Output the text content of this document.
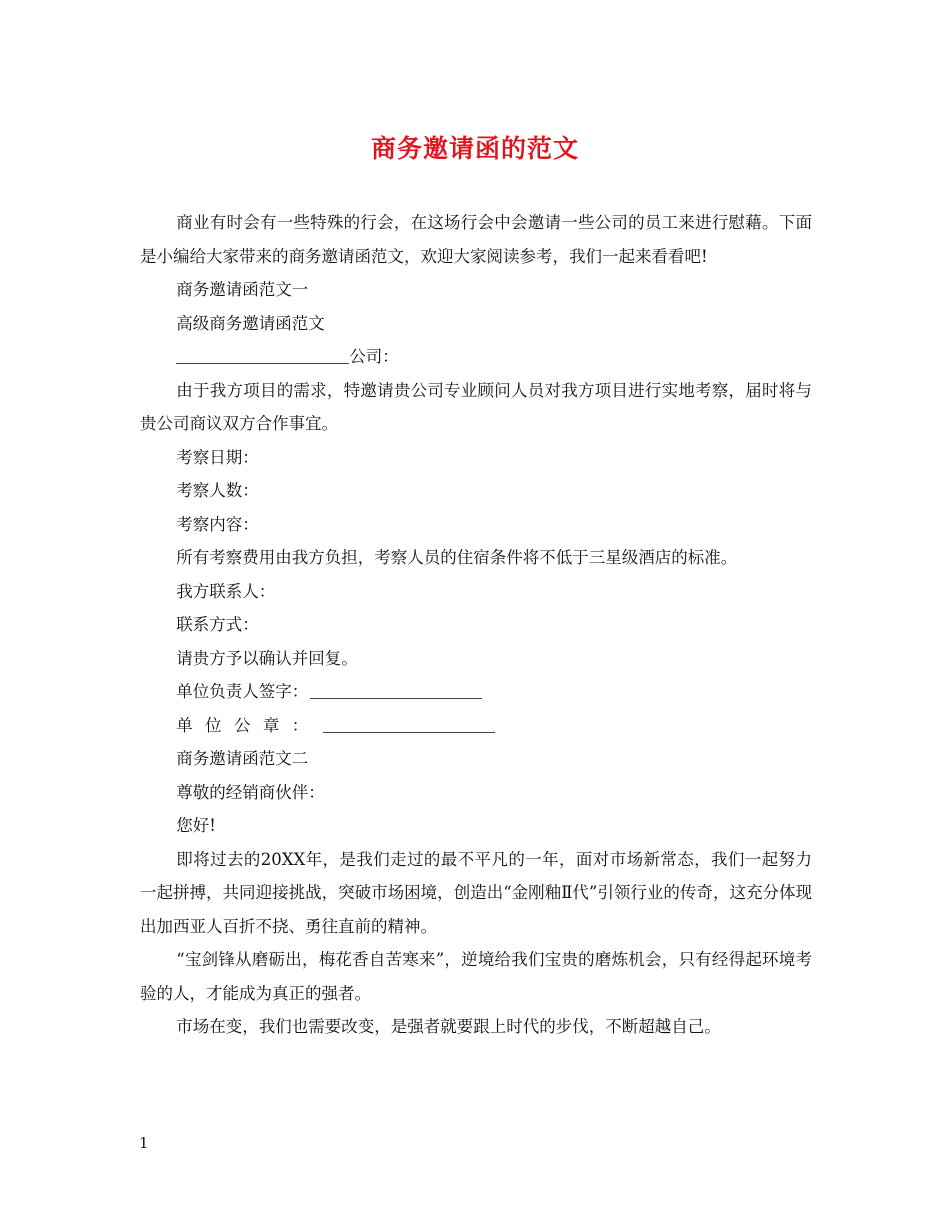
商务邀请函的范文

商业有时会有一些特殊的行会，在这场行会中会邀请一些公司的员工来进行慰藉。下面是小编给大家带来的商务邀请函范文，欢迎大家阅读参考，我们一起来看看吧!

商务邀请函范文一

高级商务邀请函范文

公司：

由于我方项目的需求，特邀请贵公司专业顾问人员对我方项目进行实地考察，届时将与贵公司商议双方合作事宜。

考察日期：

考察人数：

考察内容：

所有考察费用由我方负担，考察人员的住宿条件将不低于三星级酒店的标准。

我方联系人：

联系方式：

请贵方予以确认并回复。

单位负责人签字：

单位公章：

商务邀请函范文二

尊敬的经销商伙伴：

您好!

即将过去的20XX年，是我们走过的最不平凡的一年，面对市场新常态，我们一起努力一起拼搏，共同迎接挑战，突破市场困境，创造出“金刚釉Ⅱ代”引领行业的传奇，这充分体现出加西亚人百折不挠、勇往直前的精神。

“宝剑锋从磨砺出，梅花香自苦寒来”，逆境给我们宝贵的磨炼机会，只有经得起环境考验的人，才能成为真正的强者。

市场在变，我们也需要改变，是强者就要跟上时代的步伐，不断超越自己。

1
